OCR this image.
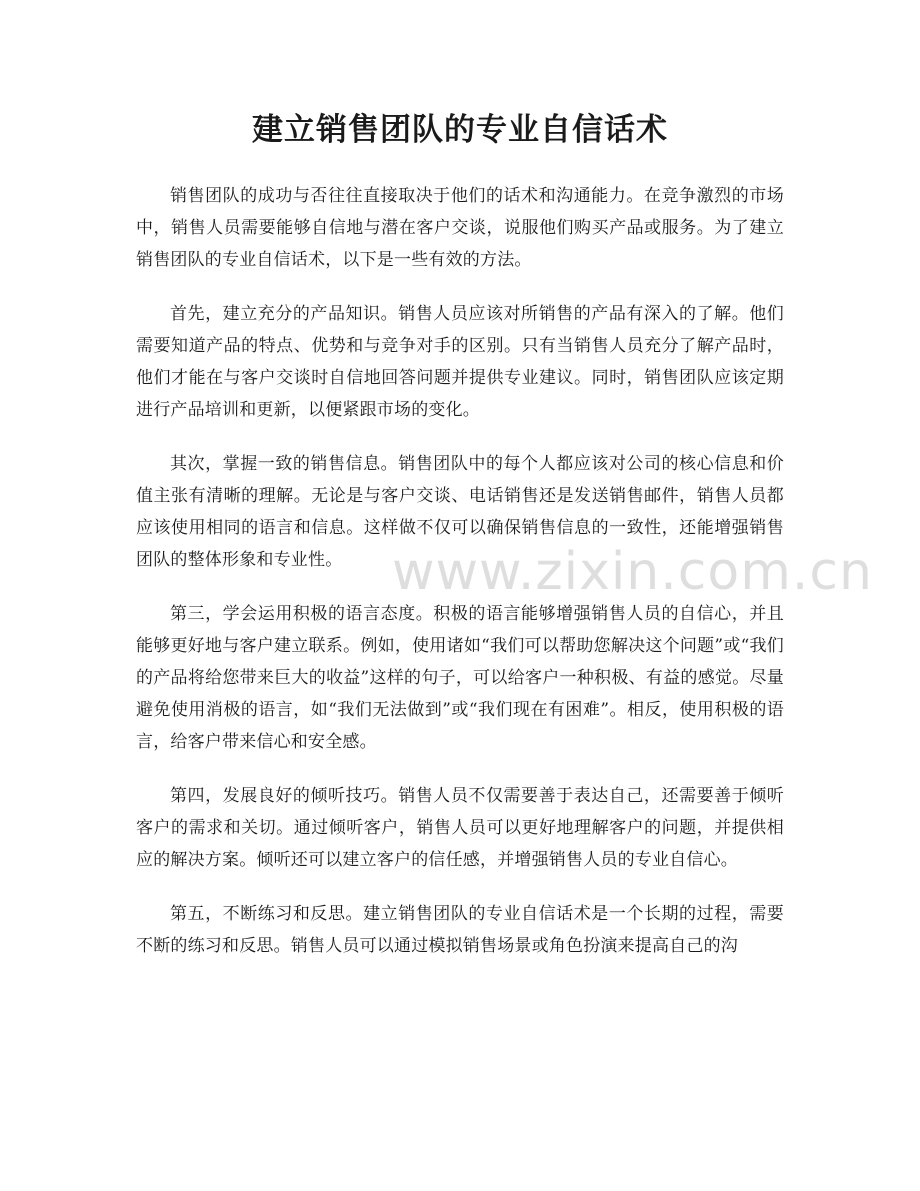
建立销售团队的专业自信话术

销售团队的成功与否往往直接取决于他们的话术和沟通能力。在竞争激烈的市场中，销售人员需要能够自信地与潜在客户交谈，说服他们购买产品或服务。为了建立销售团队的专业自信话术，以下是一些有效的方法。

首先，建立充分的产品知识。销售人员应该对所销售的产品有深入的了解。他们需要知道产品的特点、优势和与竞争对手的区别。只有当销售人员充分了解产品时，他们才能在与客户交谈时自信地回答问题并提供专业建议。同时，销售团队应该定期进行产品培训和更新，以便紧跟市场的变化。

其次，掌握一致的销售信息。销售团队中的每个人都应该对公司的核心信息和价值主张有清晰的理解。无论是与客户交谈、电话销售还是发送销售邮件，销售人员都应该使用相同的语言和信息。这样做不仅可以确保销售信息的一致性，还能增强销售团队的整体形象和专业性。

第三，学会运用积极的语言态度。积极的语言能够增强销售人员的自信心，并且能够更好地与客户建立联系。例如，使用诸如“我们可以帮助您解决这个问题”或“我们的产品将给您带来巨大的收益”这样的句子，可以给客户一种积极、有益的感觉。尽量避免使用消极的语言，如“我们无法做到”或“我们现在有困难”。相反，使用积极的语言，给客户带来信心和安全感。

第四，发展良好的倾听技巧。销售人员不仅需要善于表达自己，还需要善于倾听客户的需求和关切。通过倾听客户，销售人员可以更好地理解客户的问题，并提供相应的解决方案。倾听还可以建立客户的信任感，并增强销售人员的专业自信心。

第五，不断练习和反思。建立销售团队的专业自信话术是一个长期的过程，需要不断的练习和反思。销售人员可以通过模拟销售场景或角色扮演来提高自己的沟

www.zixin.com.cn
